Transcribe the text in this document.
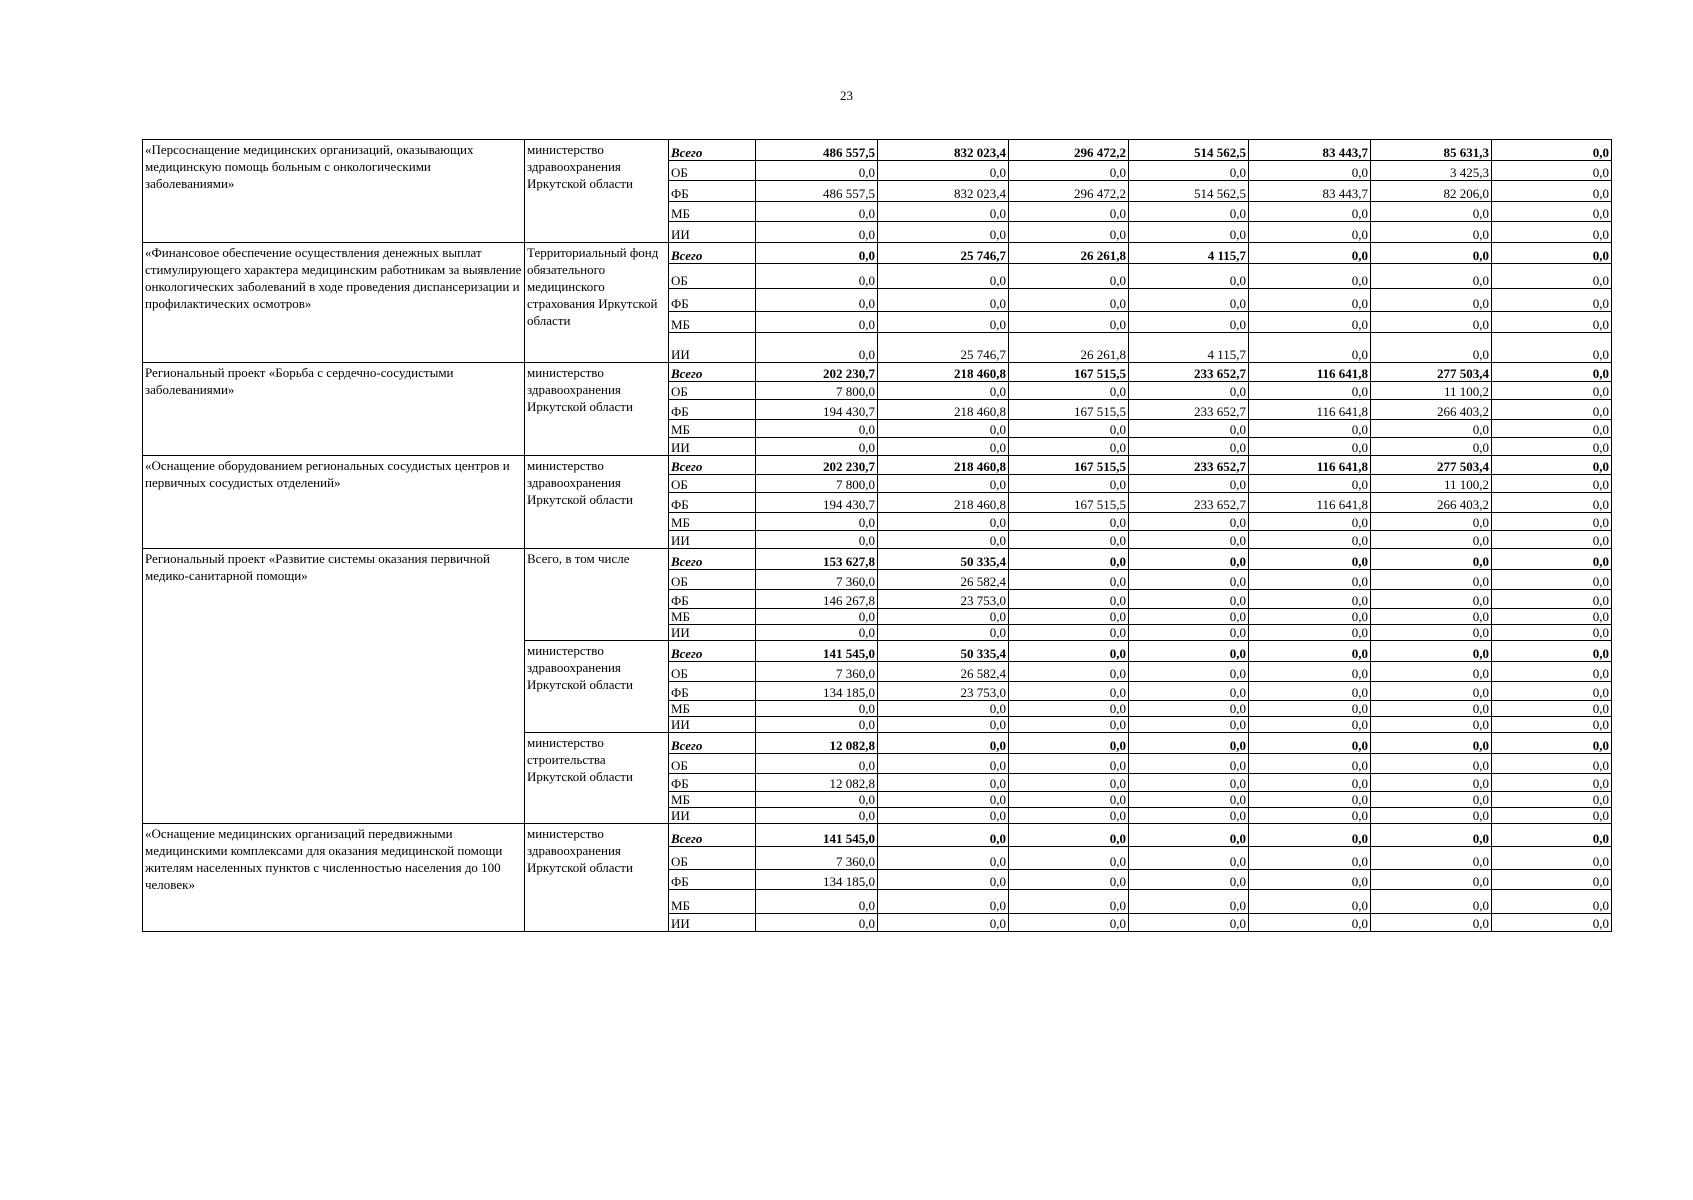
23
«Персоснащение медицинских организаций, оказывающих медицинскую помощь больным с онкологическими заболеваниями»	министерство здравоохранения Иркутской области	Всего	486 557,5	832 023,4	296 472,2	514 562,5	83 443,7	85 631,3	0,0
		ОБ	0,0	0,0	0,0	0,0	0,0	3 425,3	0,0
		ФБ	486 557,5	832 023,4	296 472,2	514 562,5	83 443,7	82 206,0	0,0
		МБ	0,0	0,0	0,0	0,0	0,0	0,0	0,0
		ИИ	0,0	0,0	0,0	0,0	0,0	0,0	0,0
«Финансовое обеспечение осуществления денежных выплат стимулирующего характера медицинским работникам за выявление онкологических заболеваний в ходе проведения диспансеризации и профилактических осмотров»	Территориальный фонд обязательного медицинского страхования Иркутской области	Всего	0,0	25 746,7	26 261,8	4 115,7	0,0	0,0	0,0
		ОБ	0,0	0,0	0,0	0,0	0,0	0,0	0,0
		ФБ	0,0	0,0	0,0	0,0	0,0	0,0	0,0
		МБ	0,0	0,0	0,0	0,0	0,0	0,0	0,0
		ИИ	0,0	25 746,7	26 261,8	4 115,7	0,0	0,0	0,0
Региональный проект «Борьба с сердечно-сосудистыми заболеваниями»	министерство здравоохранения Иркутской области	Всего	202 230,7	218 460,8	167 515,5	233 652,7	116 641,8	277 503,4	0,0
		ОБ	7 800,0	0,0	0,0	0,0	0,0	11 100,2	0,0
		ФБ	194 430,7	218 460,8	167 515,5	233 652,7	116 641,8	266 403,2	0,0
		МБ	0,0	0,0	0,0	0,0	0,0	0,0	0,0
		ИИ	0,0	0,0	0,0	0,0	0,0	0,0	0,0
«Оснащение оборудованием региональных сосудистых центров и первичных сосудистых отделений»	министерство здравоохранения Иркутской области	Всего	202 230,7	218 460,8	167 515,5	233 652,7	116 641,8	277 503,4	0,0
		ОБ	7 800,0	0,0	0,0	0,0	0,0	11 100,2	0,0
		ФБ	194 430,7	218 460,8	167 515,5	233 652,7	116 641,8	266 403,2	0,0
		МБ	0,0	0,0	0,0	0,0	0,0	0,0	0,0
		ИИ	0,0	0,0	0,0	0,0	0,0	0,0	0,0
Региональный проект «Развитие системы оказания первичной медико-санитарной помощи»	Всего, в том числе	Всего	153 627,8	50 335,4	0,0	0,0	0,0	0,0	0,0
		ОБ	7 360,0	26 582,4	0,0	0,0	0,0	0,0	0,0
		ФБ	146 267,8	23 753,0	0,0	0,0	0,0	0,0	0,0
		МБ	0,0	0,0	0,0	0,0	0,0	0,0	0,0
		ИИ	0,0	0,0	0,0	0,0	0,0	0,0	0,0
	министерство здравоохранения Иркутской области	Всего	141 545,0	50 335,4	0,0	0,0	0,0	0,0	0,0
		ОБ	7 360,0	26 582,4	0,0	0,0	0,0	0,0	0,0
		ФБ	134 185,0	23 753,0	0,0	0,0	0,0	0,0	0,0
		МБ	0,0	0,0	0,0	0,0	0,0	0,0	0,0
		ИИ	0,0	0,0	0,0	0,0	0,0	0,0	0,0
	министерство строительства Иркутской области	Всего	12 082,8	0,0	0,0	0,0	0,0	0,0	0,0
		ОБ	0,0	0,0	0,0	0,0	0,0	0,0	0,0
		ФБ	12 082,8	0,0	0,0	0,0	0,0	0,0	0,0
		МБ	0,0	0,0	0,0	0,0	0,0	0,0	0,0
		ИИ	0,0	0,0	0,0	0,0	0,0	0,0	0,0
«Оснащение медицинских организаций передвижными медицинскими комплексами для оказания медицинской помощи жителям населенных пунктов с численностью населения до 100 человек»	министерство здравоохранения Иркутской области	Всего	141 545,0	0,0	0,0	0,0	0,0	0,0	0,0
		ОБ	7 360,0	0,0	0,0	0,0	0,0	0,0	0,0
		ФБ	134 185,0	0,0	0,0	0,0	0,0	0,0	0,0
		МБ	0,0	0,0	0,0	0,0	0,0	0,0	0,0
		ИИ	0,0	0,0	0,0	0,0	0,0	0,0	0,0
